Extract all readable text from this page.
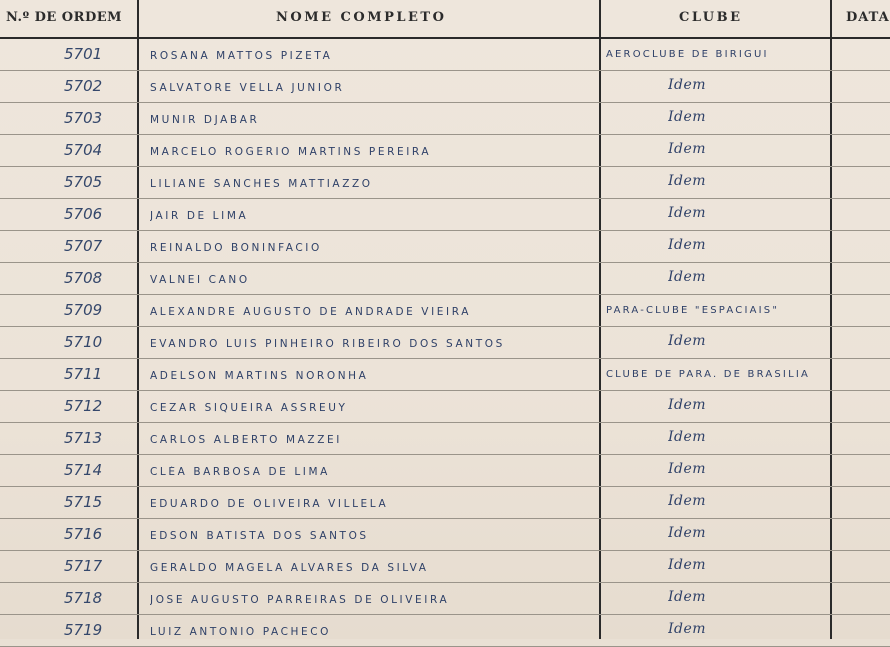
N.º DE ORDEM	NOME COMPLETO	CLUBE	DATA
5701	ROSANA MATTOS PIZETA	AEROCLUBE DE BIRIGUI
5702	SALVATORE VELLA JUNIOR	Idem
5703	MUNIR DJABAR	Idem
5704	MARCELO ROGERIO MARTINS PEREIRA	Idem
5705	LILIANE SANCHES MATTIAZZO	Idem
5706	JAIR DE LIMA	Idem
5707	REINALDO BONINFACIO	Idem
5708	VALNEI CANO	Idem
5709	ALEXANDRE AUGUSTO DE ANDRADE VIEIRA	PARA-CLUBE "ESPACIAIS"
5710	EVANDRO LUIS PINHEIRO RIBEIRO DOS SANTOS	Idem
5711	ADELSON MARTINS NORONHA	CLUBE DE PARA. DE BRASILIA
5712	CEZAR SIQUEIRA ASSREUY	Idem
5713	CARLOS ALBERTO MAZZEI	Idem
5714	CLÉA BARBOSA DE LIMA	Idem
5715	EDUARDO DE OLIVEIRA VILLELA	Idem
5716	EDSON BATISTA DOS SANTOS	Idem
5717	GERALDO MAGELA ALVARES DA SILVA	Idem
5718	JOSE AUGUSTO PARREIRAS DE OLIVEIRA	Idem
5719	LUIZ ANTONIO PACHECO	Idem
